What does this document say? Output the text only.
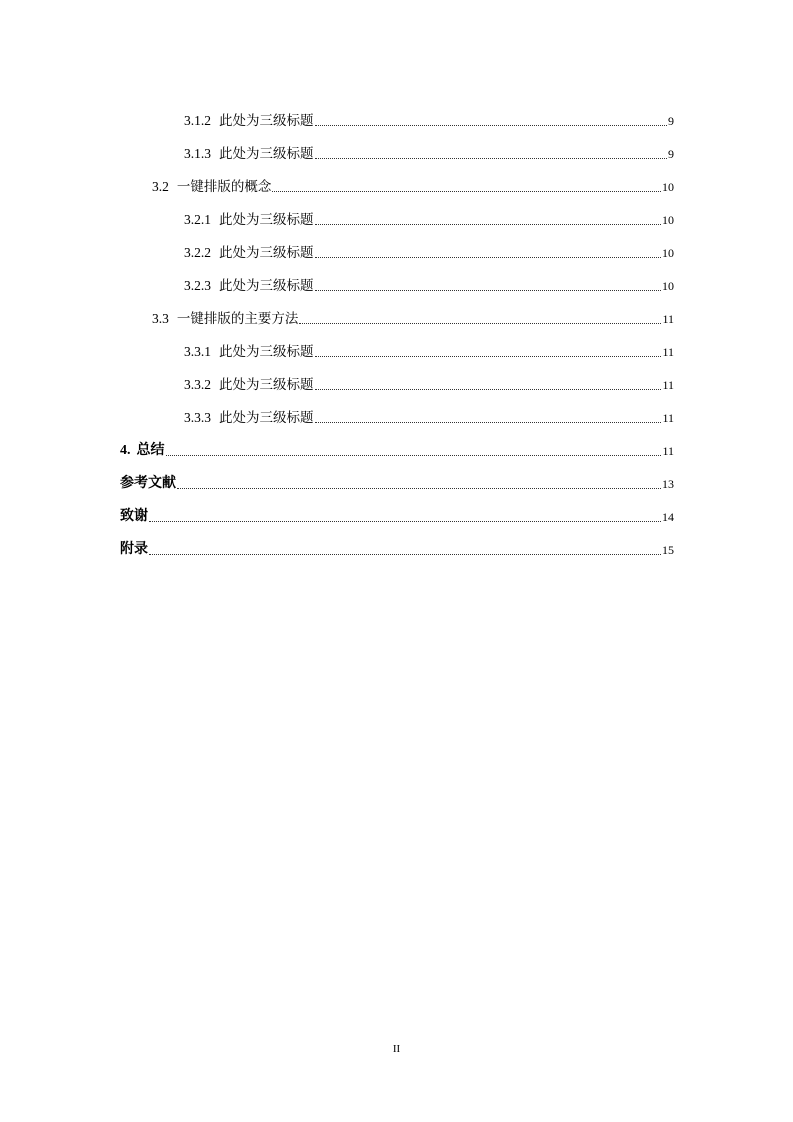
3.1.2 此处为三级标题	9
3.1.3 此处为三级标题	9
3.2 一键排版的概念	10
3.2.1 此处为三级标题	10
3.2.2 此处为三级标题	10
3.2.3 此处为三级标题	10
3.3 一键排版的主要方法	11
3.3.1 此处为三级标题	11
3.3.2 此处为三级标题	11
3.3.3 此处为三级标题	11
4. 总结	11
参考文献	13
致谢	14
附录	15
II
